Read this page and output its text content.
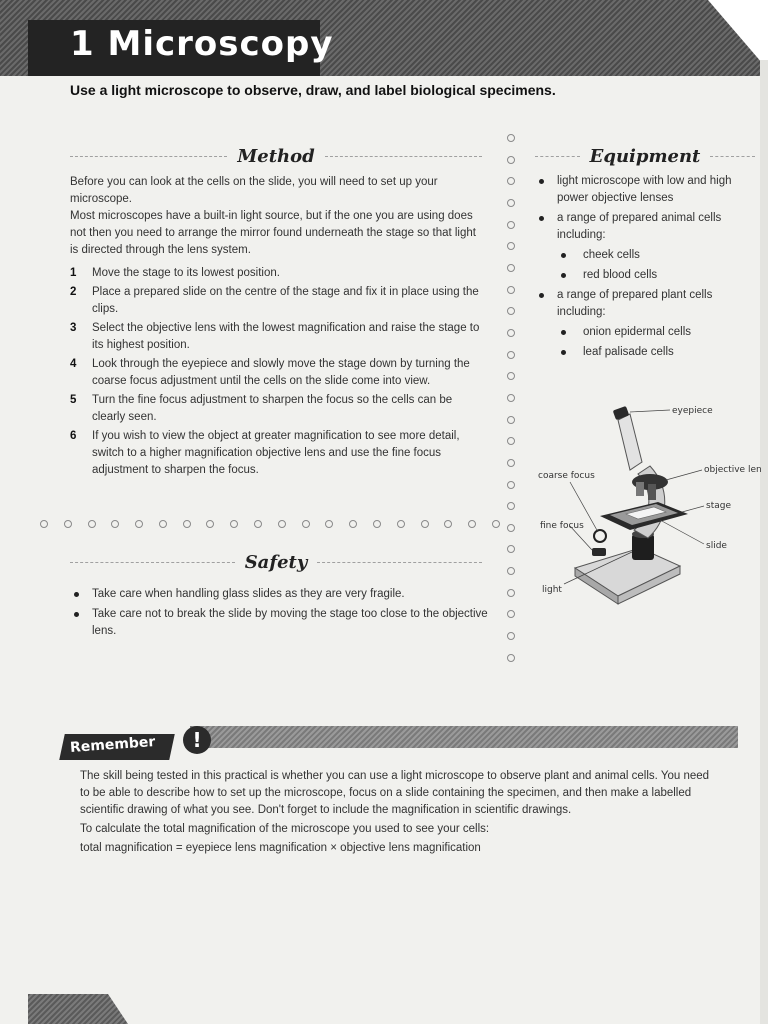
1 Microscopy

Use a light microscope to observe, draw, and label biological specimens.

Method

Before you can look at the cells on the slide, you will need to set up your microscope.

Most microscopes have a built-in light source, but if the one you are using does not then you need to arrange the mirror found underneath the stage so that light is directed through the lens system.

1	Move the stage to its lowest position.
2	Place a prepared slide on the centre of the stage and fix it in place using the clips.
3	Select the objective lens with the lowest magnification and raise the stage to its highest position.
4	Look through the eyepiece and slowly move the stage down by turning the coarse focus adjustment until the cells on the slide come into view.
5	Turn the fine focus adjustment to sharpen the focus so the cells can be clearly seen.
6	If you wish to view the object at greater magnification to see more detail, switch to a higher magnification objective lens and use the fine focus adjustment to sharpen the focus.
Safety
Take care when handling glass slides as they are very fragile.
Take care not to break the slide by moving the stage too close to the objective lens.
Equipment
light microscope with low and high power objective lenses
a range of prepared animal cells including:
cheek cells
red blood cells
a range of prepared plant cells including:
onion epidermal cells
leaf palisade cells
eyepiece
objective len
coarse focus
stage
fine focus
slide
light

Remember	!

The skill being tested in this practical is whether you can use a light microscope to observe plant and animal cells. You need to be able to describe how to set up the microscope, focus on a slide containing the specimen, and then make a labelled scientific drawing of what you see. Don't forget to include the magnification in scientific drawings.

To calculate the total magnification of the microscope you used to see your cells:

total magnification = eyepiece lens magnification × objective lens magnification
